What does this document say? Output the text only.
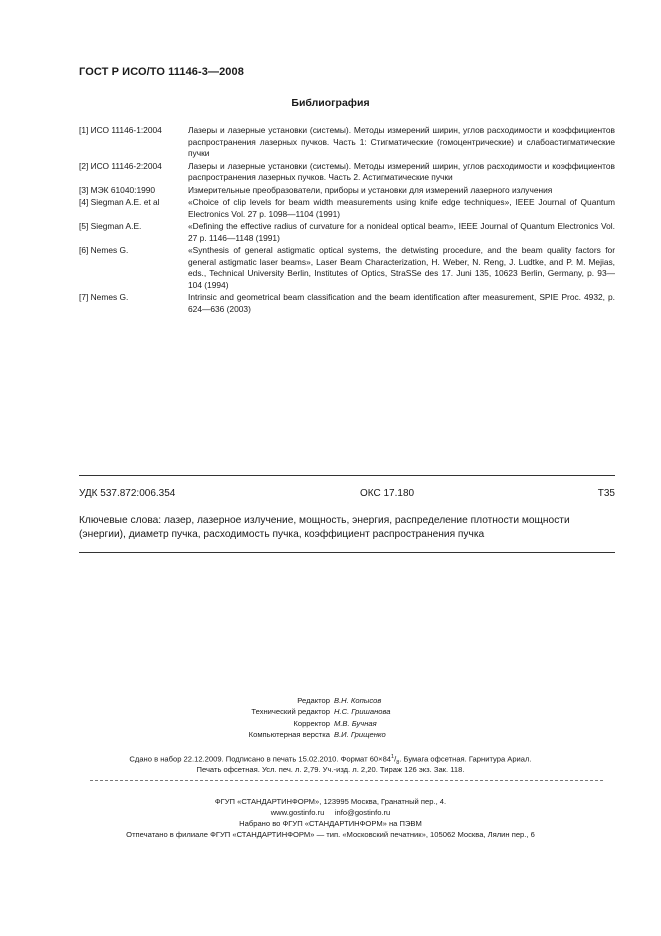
ГОСТ Р ИСО/ТО 11146-3—2008
Библиография
[1] ИСО 11146-1:2004	Лазеры и лазерные установки (системы). Методы измерений ширин, углов расходимости и коэффициентов распространения лазерных пучков. Часть 1: Стигматические (гомоцентрические) и слабоастигматические пучки
[2] ИСО 11146-2:2004	Лазеры и лазерные установки (системы). Методы измерений ширин, углов расходимости и коэффициентов распространения лазерных пучков. Часть 2. Астигматические пучки
[3] МЭК 61040:1990	Измерительные преобразователи, приборы и установки для измерений лазерного излучения
[4] Siegman A.E. et al	«Choice of clip levels for beam width measurements using knife edge techniques», IEEE Journal of Quantum Electronics Vol. 27 p. 1098—1104 (1991)
[5] Siegman A.E.	«Defining the effective radius of curvature for a nonideal optical beam», IEEE Journal of Quantum Electronics Vol. 27 p. 1146—1148 (1991)
[6] Nemes G.	«Synthesis of general astigmatic optical systems, the detwisting procedure, and the beam quality factors for general astigmatic laser beams», Laser Beam Characterization, H. Weber, N. Reng, J. Ludtke, and P. M. Mejias, eds., Technical University Berlin, Institutes of Optics, StraSSe des 17. Juni 135, 10623 Berlin, Germany, p. 93—104 (1994)
[7] Nemes G.	Intrinsic and geometrical beam classification and the beam identification after measurement, SPIE Proc. 4932, p. 624—636 (2003)
УДК 537.872:006.354	ОКС 17.180	Т35
Ключевые слова: лазер, лазерное излучение, мощность, энергия, распределение плотности мощности (энергии), диаметр пучка, расходимость пучка, коэффициент распространения пучка
Редактор В.Н. Копысов
Технический редактор Н.С. Гришанова
Корректор М.В. Бучная
Компьютерная верстка В.И. Грищенко
Сдано в набор 22.12.2009. Подписано в печать 15.02.2010. Формат $60\times 84^1/_8$. Бумага офсетная. Гарнитура Ариал.
Печать офсетная. Усл. печ. л. 2,79. Уч.-изд. л. 2,20. Тираж 126 экз. Зак. 118.
ФГУП «СТАНДАРТИНФОРМ», 123995 Москва, Гранатный пер., 4.
www.gostinfo.ru info@gostinfo.ru
Набрано во ФГУП «СТАНДАРТИНФОРМ» на ПЭВМ
Отпечатано в филиале ФГУП «СТАНДАРТИНФОРМ» — тип. «Московский печатник», 105062 Москва, Лялин пер., 6
